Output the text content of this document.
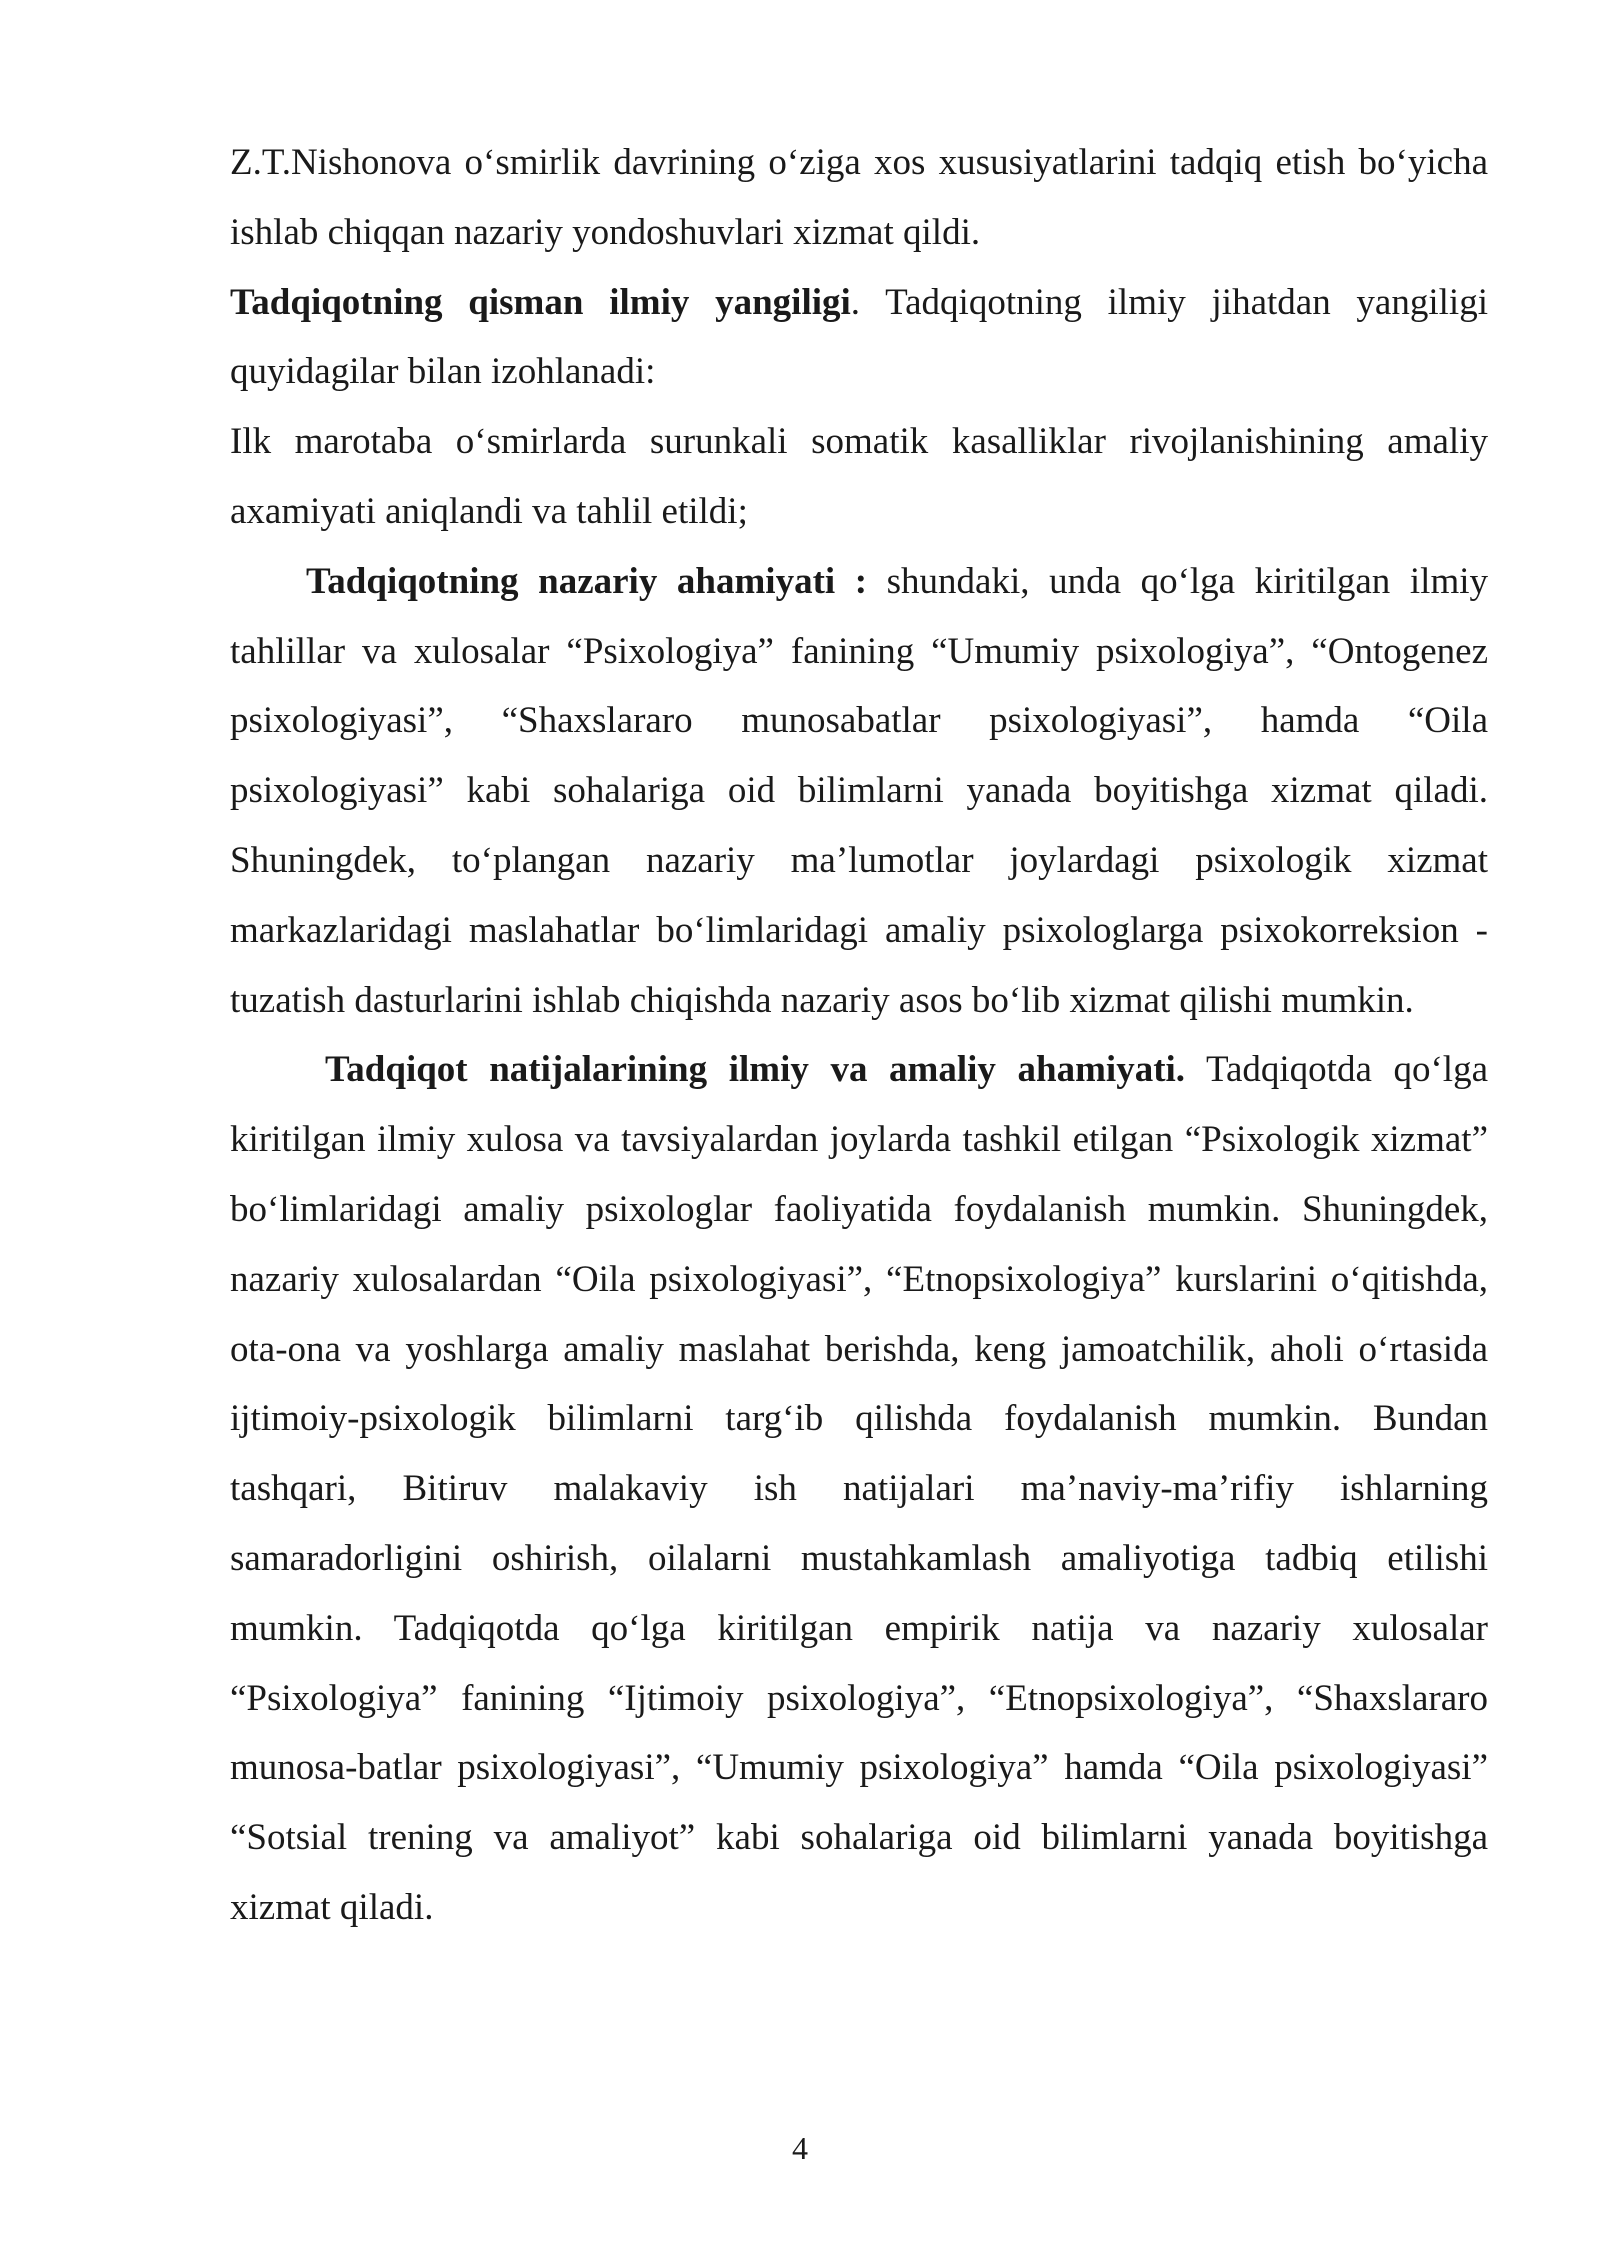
Z.T.Nishonova o‘smirlik davrining o‘ziga xos xususiyatlarini tadqiq etish bo‘yicha ishlab chiqqan nazariy yondoshuvlari xizmat qildi.

Tadqiqotning qisman ilmiy yangiligi. Tadqiqotning ilmiy jihatdan yangiligi quyidagilar bilan izohlanadi:

Ilk marotaba o‘smirlarda surunkali somatik kasalliklar rivojlanishining amaliy axamiyati aniqlandi va tahlil etildi;

Tadqiqotning nazariy ahamiyati : shundaki, unda qo‘lga kiritilgan ilmiy tahlillar va xulosalar “Psixologiya” fanining “Umumiy psixologiya”, “Ontogenez psixologiyasi”, “Shaxslararo munosabatlar psixologiyasi”, hamda “Oila psixologiyasi” kabi sohalariga oid bilimlarni yanada boyitishga xizmat qiladi. Shuningdek, to‘plangan nazariy ma’lumotlar joylardagi psixologik xizmat markazlaridagi maslahatlar bo‘limlaridagi amaliy psixologlarga psixokorreksion - tuzatish dasturlarini ishlab chiqishda nazariy asos bo‘lib xizmat qilishi mumkin.

Tadqiqot natijalarining ilmiy va amaliy ahamiyati. Tadqiqotda qo‘lga kiritilgan ilmiy xulosa va tavsiyalardan joylarda tashkil etilgan “Psixologik xizmat” bo‘limlaridagi amaliy psixologlar faoliyatida foydalanish mumkin. Shuningdek, nazariy xulosalardan “Oila psixologiyasi”, “Etnopsixologiya” kurslarini o‘qitishda, ota-ona va yoshlarga amaliy maslahat berishda, keng jamoatchilik, aholi o‘rtasida ijtimoiy-psixologik bilimlarni targ‘ib qilishda foydalanish mumkin. Bundan tashqari, Bitiruv malakaviy ish natijalari ma’naviy-ma’rifiy ishlarning samaradorligini oshirish, oilalarni mustahkamlash amaliyotiga tadbiq etilishi mumkin. Tadqiqotda qo‘lga kiritilgan empirik natija va nazariy xulosalar “Psixologiya” fanining “Ijtimoiy psixologiya”, “Etnopsixologiya”, “Shaxslararo munosa-batlar psixologiyasi”, “Umumiy psixologiya” hamda “Oila psixologiyasi” “Sotsial trening va amaliyot” kabi sohalariga oid bilimlarni yanada boyitishga xizmat qiladi.

4
